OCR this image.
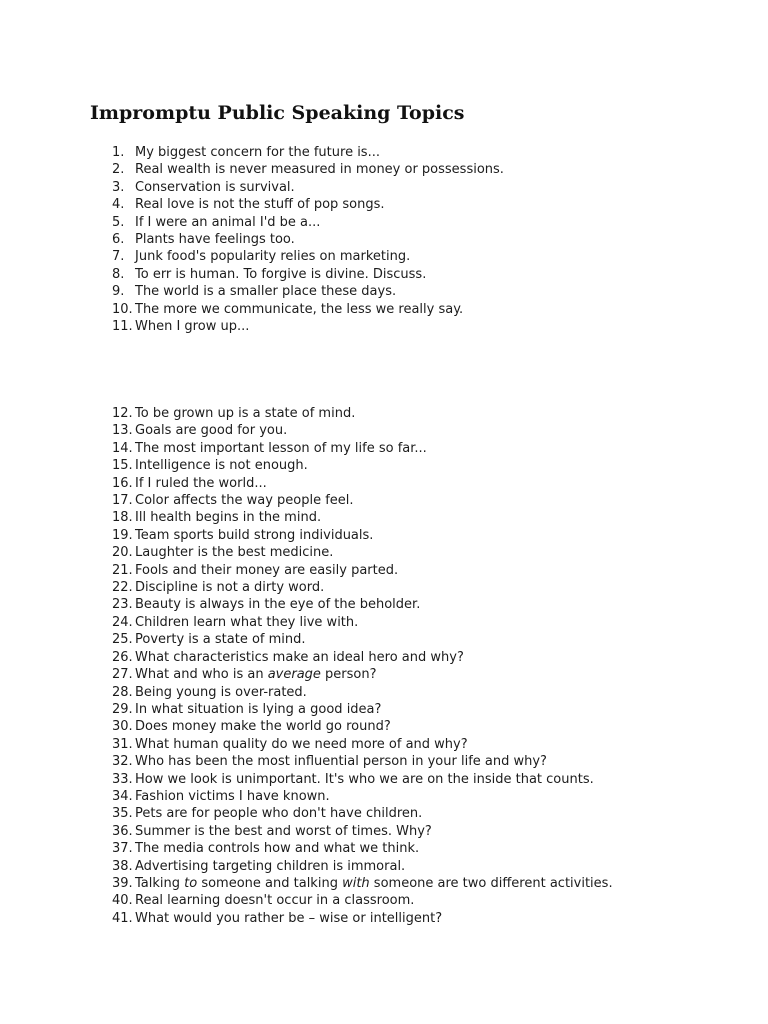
Impromptu Public Speaking Topics
1. My biggest concern for the future is...
2. Real wealth is never measured in money or possessions.
3. Conservation is survival.
4. Real love is not the stuff of pop songs.
5. If I were an animal I'd be a...
6. Plants have feelings too.
7. Junk food's popularity relies on marketing.
8. To err is human. To forgive is divine. Discuss.
9. The world is a smaller place these days.
10. The more we communicate, the less we really say.
11. When I grow up...
12. To be grown up is a state of mind.
13. Goals are good for you.
14. The most important lesson of my life so far...
15. Intelligence is not enough.
16. If I ruled the world...
17. Color affects the way people feel.
18. Ill health begins in the mind.
19. Team sports build strong individuals.
20. Laughter is the best medicine.
21. Fools and their money are easily parted.
22. Discipline is not a dirty word.
23. Beauty is always in the eye of the beholder.
24. Children learn what they live with.
25. Poverty is a state of mind.
26. What characteristics make an ideal hero and why?
27. What and who is an average person?
28. Being young is over-rated.
29. In what situation is lying a good idea?
30. Does money make the world go round?
31. What human quality do we need more of and why?
32. Who has been the most influential person in your life and why?
33. How we look is unimportant. It's who we are on the inside that counts.
34. Fashion victims I have known.
35. Pets are for people who don't have children.
36. Summer is the best and worst of times. Why?
37. The media controls how and what we think.
38. Advertising targeting children is immoral.
39. Talking to someone and talking with someone are two different activities.
40. Real learning doesn't occur in a classroom.
41. What would you rather be – wise or intelligent?
